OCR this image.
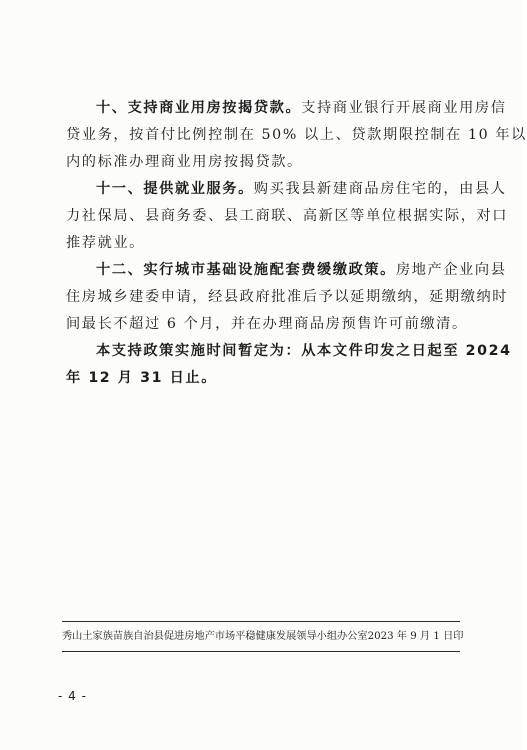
十、支持商业用房按揭贷款。支持商业银行开展商业用房信
贷业务，按首付比例控制在 50% 以上、贷款期限控制在 10 年以
内的标准办理商业用房按揭贷款。
十一、提供就业服务。购买我县新建商品房住宅的，由县人
力社保局、县商务委、县工商联、高新区等单位根据实际，对口
推荐就业。
十二、实行城市基础设施配套费缓缴政策。房地产企业向县
住房城乡建委申请，经县政府批准后予以延期缴纳，延期缴纳时
间最长不超过 6 个月，并在办理商品房预售许可前缴清。
本支持政策实施时间暂定为：从本文件印发之日起至 2024
年 12 月 31 日止。
秀山土家族苗族自治县促进房地产市场平稳健康发展领导小组办公室 2023 年 9 月 1 日印
- 4 -
